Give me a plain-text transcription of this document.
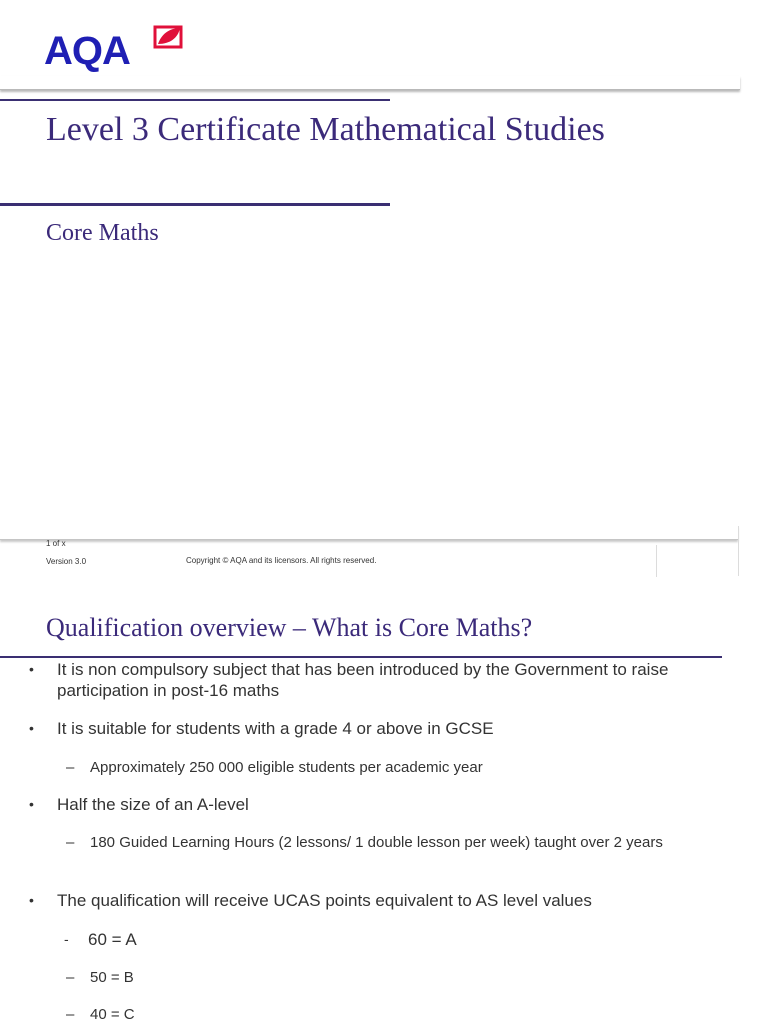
AQA
Level 3 Certificate Mathematical Studies
Core Maths
1 of x
Version 3.0	Copyright © AQA and its licensors. All rights reserved.
Qualification overview – What is Core Maths?
• It is non compulsory subject that has been introduced by the Government to raise participation in post-16 maths
• It is suitable for students with a grade 4 or above in GCSE
– Approximately 250 000 eligible students per academic year
• Half the size of an A-level
– 180 Guided Learning Hours (2 lessons/ 1 double lesson per week) taught over 2 years
• The qualification will receive UCAS points equivalent to AS level values
- 60 = A
– 50 = B
– 40 = C
